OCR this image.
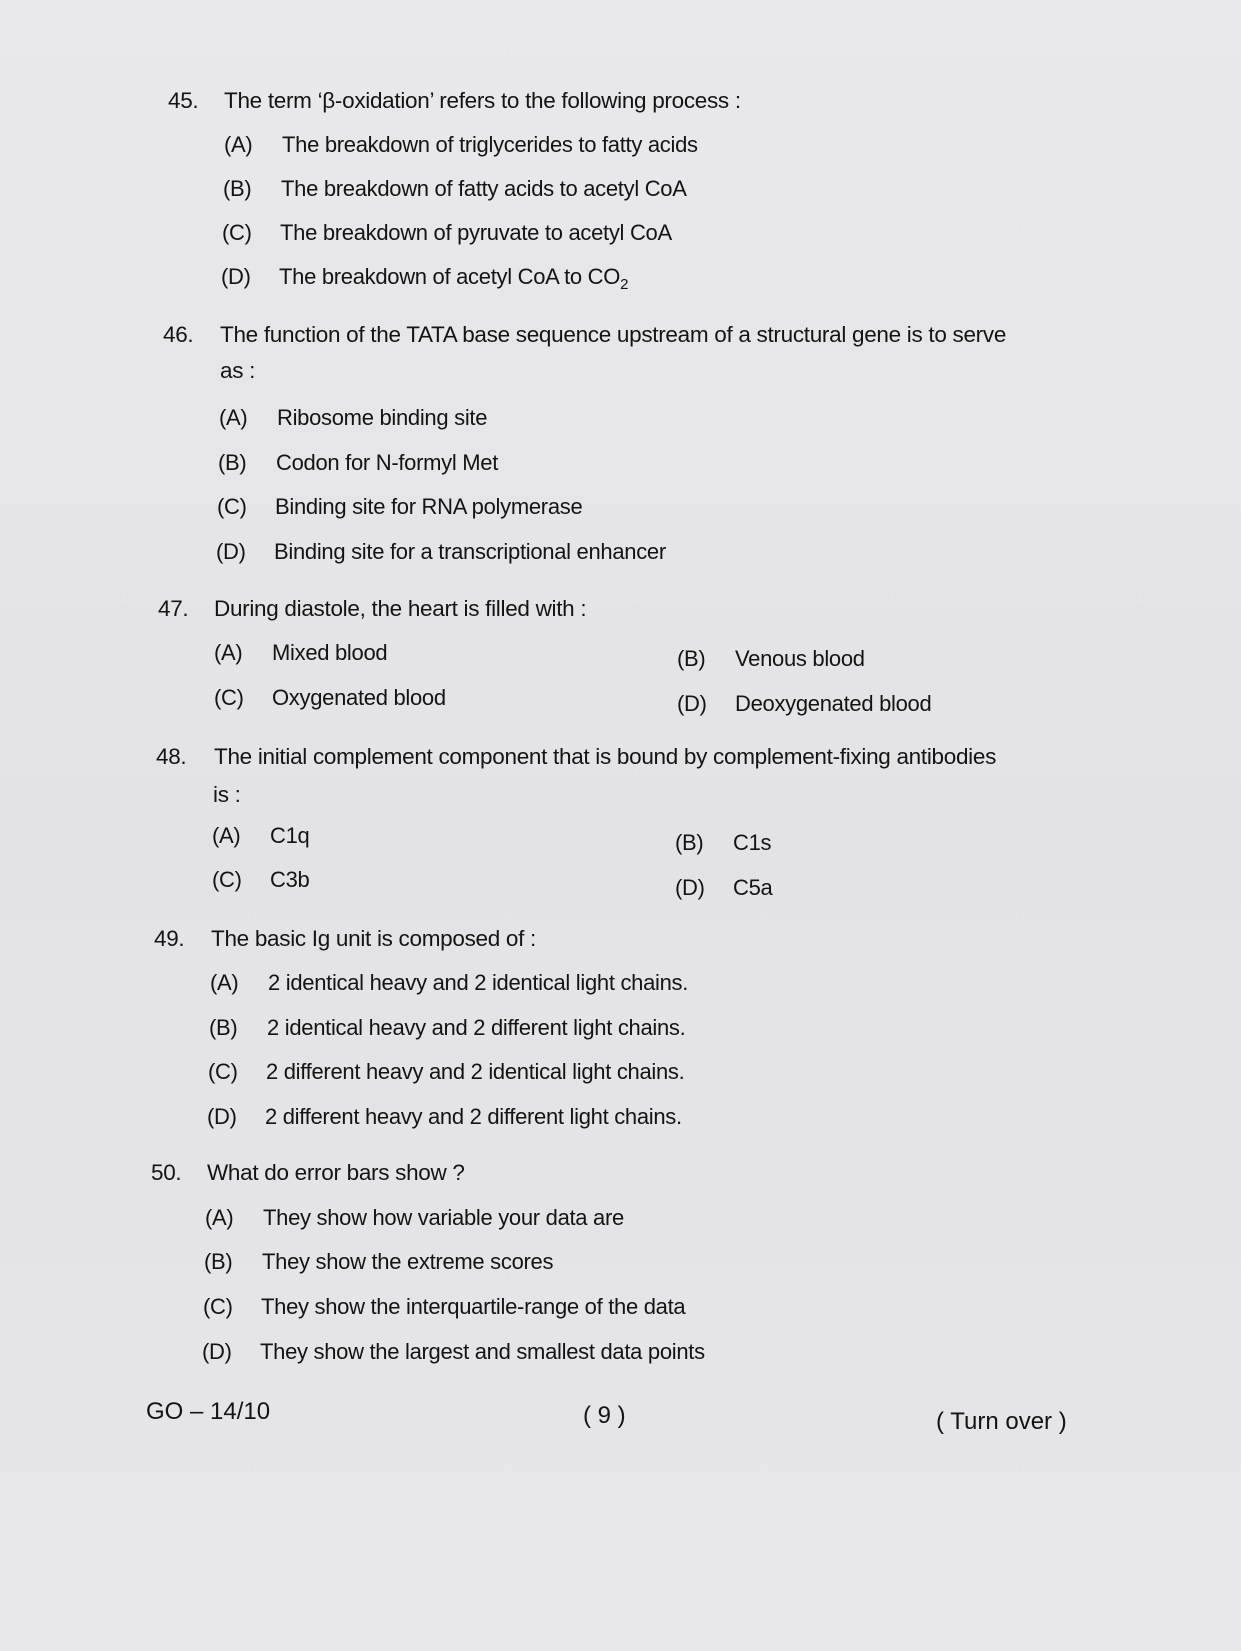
45. The term ‘β-oxidation’ refers to the following process :
(A) The breakdown of triglycerides to fatty acids
(B) The breakdown of fatty acids to acetyl CoA
(C) The breakdown of pyruvate to acetyl CoA
(D) The breakdown of acetyl CoA to $CO_2$
46. The function of the TATA base sequence upstream of a structural gene is to serve
as :
(A) Ribosome binding site
(B) Codon for N-formyl Met
(C) Binding site for RNA polymerase
(D) Binding site for a transcriptional enhancer
47. During diastole, the heart is filled with :
(A) Mixed blood	(B) Venous blood
(C) Oxygenated blood	(D) Deoxygenated blood
48. The initial complement component that is bound by complement-fixing antibodies
is :
(A) C1q	(B) C1s
(C) C3b	(D) C5a
49. The basic Ig unit is composed of :
(A) 2 identical heavy and 2 identical light chains.
(B) 2 identical heavy and 2 different light chains.
(C) 2 different heavy and 2 identical light chains.
(D) 2 different heavy and 2 different light chains.
50. What do error bars show ?
(A) They show how variable your data are
(B) They show the extreme scores
(C) They show the interquartile-range of the data
(D) They show the largest and smallest data points
GO – 14/10	( 9 )	( Turn over )
